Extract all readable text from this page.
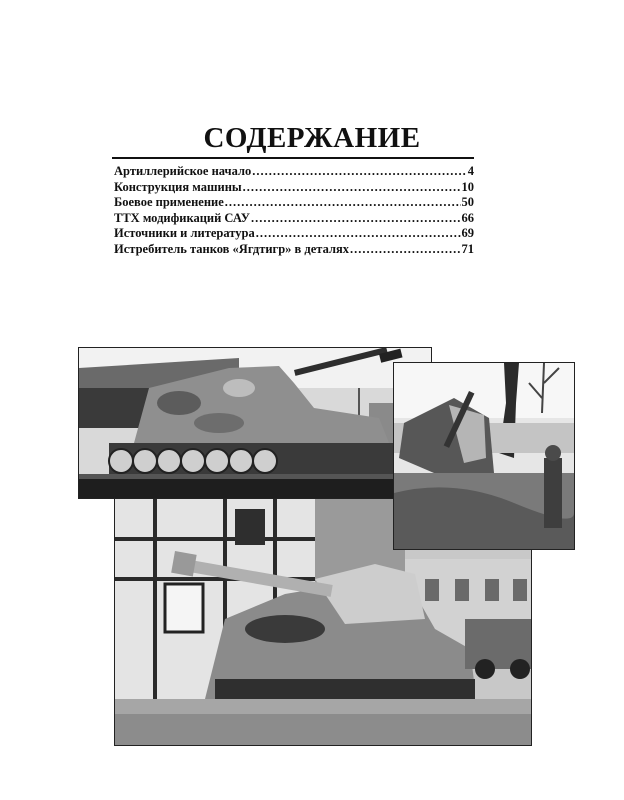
СОДЕРЖАНИЕ
Артиллерийское начало .....	4
Конструкция машины .....	10
Боевое применение .....	50
ТТХ модификаций САУ .....	66
Источники и литература .....	69
Истребитель танков «Ягдтигр» в деталях .....	71
